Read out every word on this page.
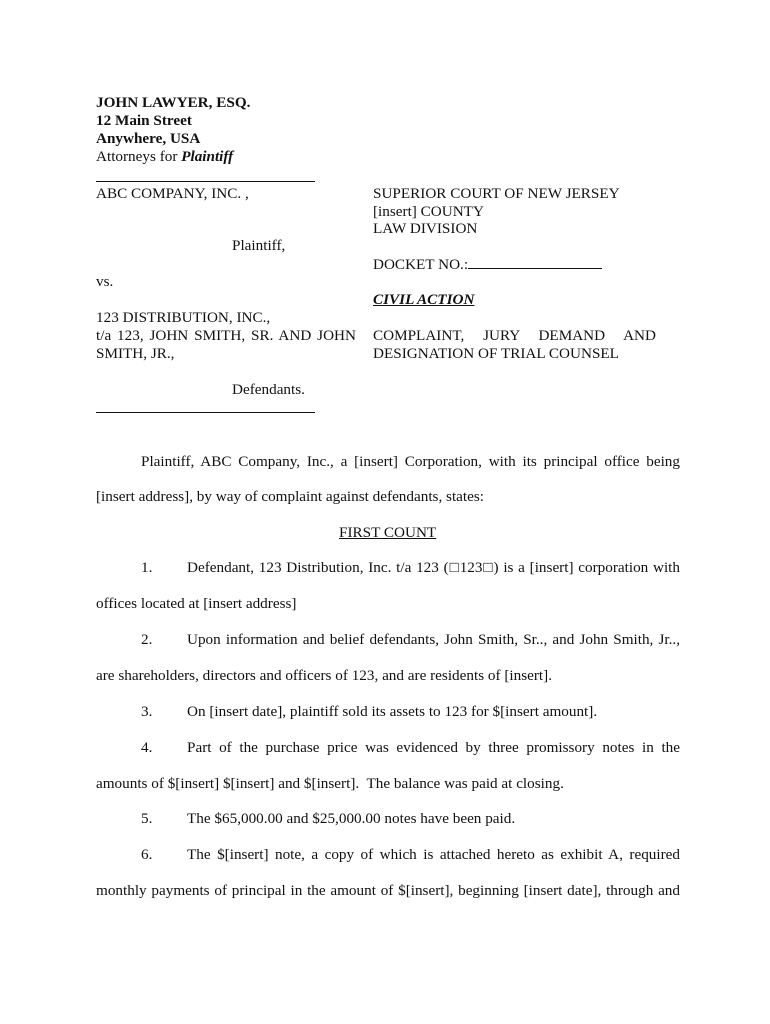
JOHN LAWYER, ESQ.

12 Main Street

Anywhere, USA

Attorneys for Plaintiff

ABC COMPANY, INC. ,

Plaintiff,

vs.

123 DISTRIBUTION, INC.,

t/a 123, JOHN SMITH, SR. AND JOHN

SMITH, JR.,

Defendants.

SUPERIOR COURT OF NEW JERSEY

[insert] COUNTY

LAW DIVISION

DOCKET NO.:

CIVIL ACTION

COMPLAINT, JURY DEMAND AND

DESIGNATION OF TRIAL COUNSEL

Plaintiff, ABC Company, Inc., a [insert] Corporation, with its principal office being

[insert address], by way of complaint against defendants, states:

FIRST COUNT

1. Defendant, 123 Distribution, Inc. t/a 123 (□123□) is a [insert] corporation with

offices located at [insert address]

2. Upon information and belief defendants, John Smith, Sr.., and John Smith, Jr..,

are shareholders, directors and officers of 123, and are residents of [insert].

3. On [insert date], plaintiff sold its assets to 123 for $[insert amount].

4. Part of the purchase price was evidenced by three promissory notes in the

amounts of $[insert] $[insert] and $[insert].  The balance was paid at closing.

5. The $65,000.00 and $25,000.00 notes have been paid.

6. The $[insert] note, a copy of which is attached hereto as exhibit A, required

monthly payments of principal in the amount of $[insert], beginning [insert date], through and
